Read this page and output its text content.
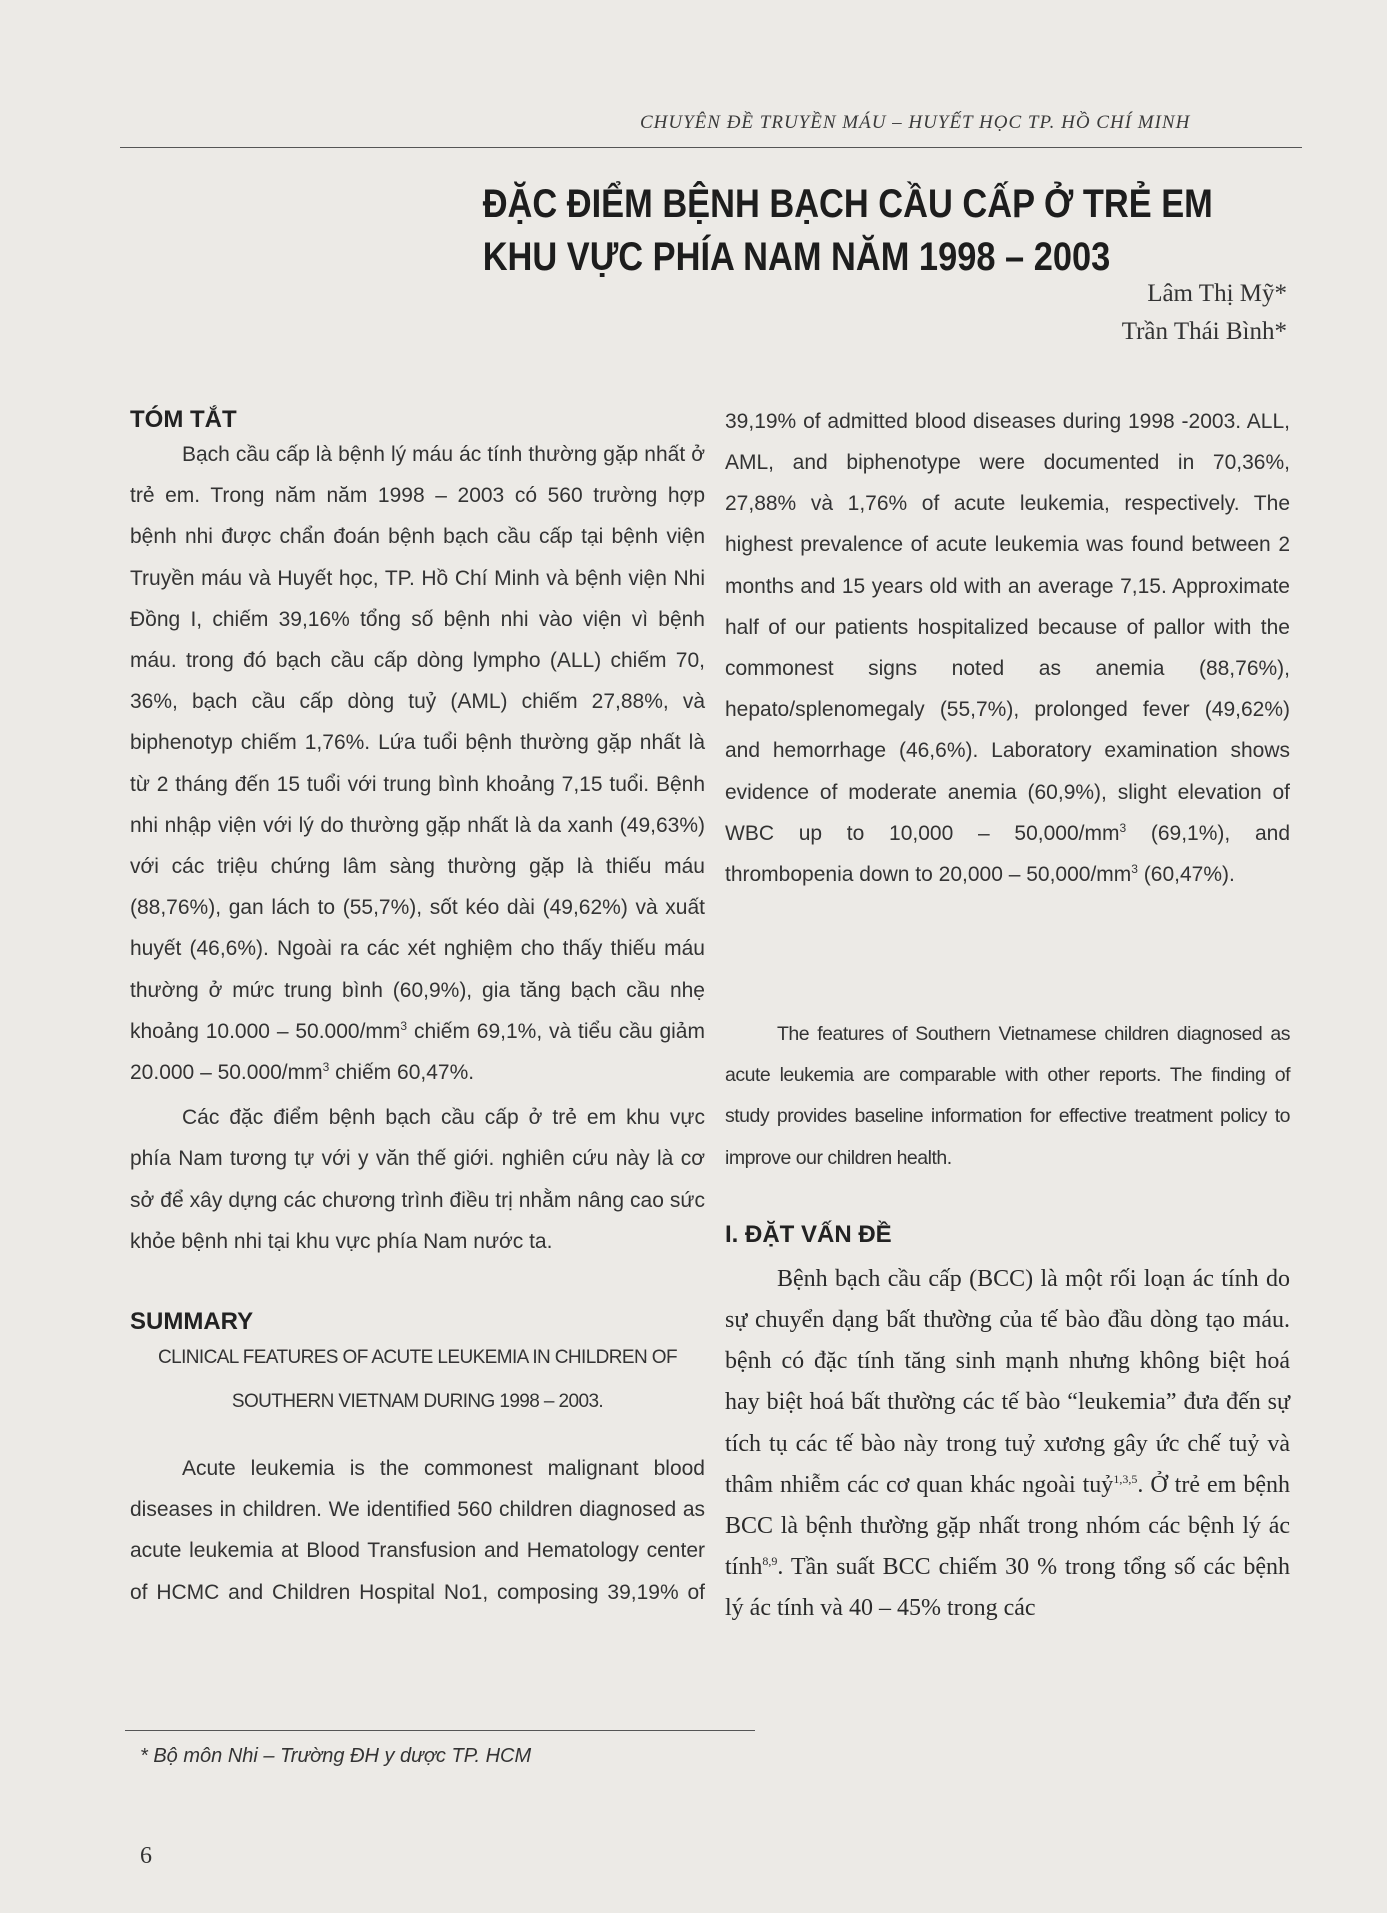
CHUYÊN ĐỀ TRUYỀN MÁU – HUYẾT HỌC TP. HỒ CHÍ MINH
ĐẶC ĐIỂM BỆNH BẠCH CẦU CẤP Ở TRẺ EM
KHU VỰC PHÍA NAM NĂM 1998 – 2003
Lâm Thị Mỹ*
Trần Thái Bình*
TÓM TẮT

Bạch cầu cấp là bệnh lý máu ác tính thường gặp nhất ở trẻ em. Trong năm năm 1998 – 2003 có 560 trường hợp bệnh nhi được chẩn đoán bệnh bạch cầu cấp tại bệnh viện Truyền máu và Huyết học, TP. Hồ Chí Minh và bệnh viện Nhi Đồng I, chiếm 39,16% tổng số bệnh nhi vào viện vì bệnh máu. trong đó bạch cầu cấp dòng lympho (ALL) chiếm 70, 36%, bạch cầu cấp dòng tuỷ (AML) chiếm 27,88%, và biphenotyp chiếm 1,76%. Lứa tuổi bệnh thường gặp nhất là từ 2 tháng đến 15 tuổi với trung bình khoảng 7,15 tuổi. Bệnh nhi nhập viện với lý do thường gặp nhất là da xanh (49,63%) với các triệu chứng lâm sàng thường gặp là thiếu máu (88,76%), gan lách to (55,7%), sốt kéo dài (49,62%) và xuất huyết (46,6%). Ngoài ra các xét nghiệm cho thấy thiếu máu thường ở mức trung bình (60,9%), gia tăng bạch cầu nhẹ khoảng $10.000 - 50.000/mm^3$ chiếm 69,1%, và tiểu cầu giảm $20.000 - 50.000/mm^3$ chiếm 60,47%.

Các đặc điểm bệnh bạch cầu cấp ở trẻ em khu vực phía Nam tương tự với y văn thế giới. nghiên cứu này là cơ sở để xây dựng các chương trình điều trị nhằm nâng cao sức khỏe bệnh nhi tại khu vực phía Nam nước ta.

SUMMARY

CLINICAL FEATURES OF ACUTE LEUKEMIA IN CHILDREN OF
SOUTHERN VIETNAM DURING 1998 – 2003.

Acute leukemia is the commonest malignant blood diseases in children. We identified 560 children diagnosed as acute leukemia at Blood Transfusion and Hematology center of HCMC and Children Hospital No1, composing 39,19% of

39,19% of admitted blood diseases during 1998 -2003. ALL, AML, and biphenotype were documented in 70,36%, 27,88% và 1,76% of acute leukemia, respectively. The highest prevalence of acute leukemia was found between 2 months and 15 years old with an average 7,15. Approximate half of our patients hospitalized because of pallor with the commonest signs noted as anemia (88,76%), hepato/splenomegaly (55,7%), prolonged fever (49,62%) and hemorrhage (46,6%). Laboratory examination shows evidence of moderate anemia (60,9%), slight elevation of WBC up to $10,000 - 50,000/mm^3$ (69,1%), and thrombopenia down to $20,000 - 50,000/mm^3$ (60,47%).

The features of Southern Vietnamese children diagnosed as acute leukemia are comparable with other reports. The finding of study provides baseline information for effective treatment policy to improve our children health.

I. ĐẶT VẤN ĐỀ

Bệnh bạch cầu cấp (BCC) là một rối loạn ác tính do sự chuyển dạng bất thường của tế bào đầu dòng tạo máu. bệnh có đặc tính tăng sinh mạnh nhưng không biệt hoá hay biệt hoá bất thường các tế bào “leukemia” đưa đến sự tích tụ các tế bào này trong tuỷ xương gây ức chế tuỷ và thâm nhiễm các cơ quan khác ngoài tuỷ$^{1,3,5}$. Ở trẻ em bệnh BCC là bệnh thường gặp nhất trong nhóm các bệnh lý ác tính$^{8,9}$. Tần suất BCC chiếm 30 % trong tổng số các bệnh lý ác tính và 40 – 45% trong các

* Bộ môn Nhi – Trường ĐH y dược TP. HCM
6
